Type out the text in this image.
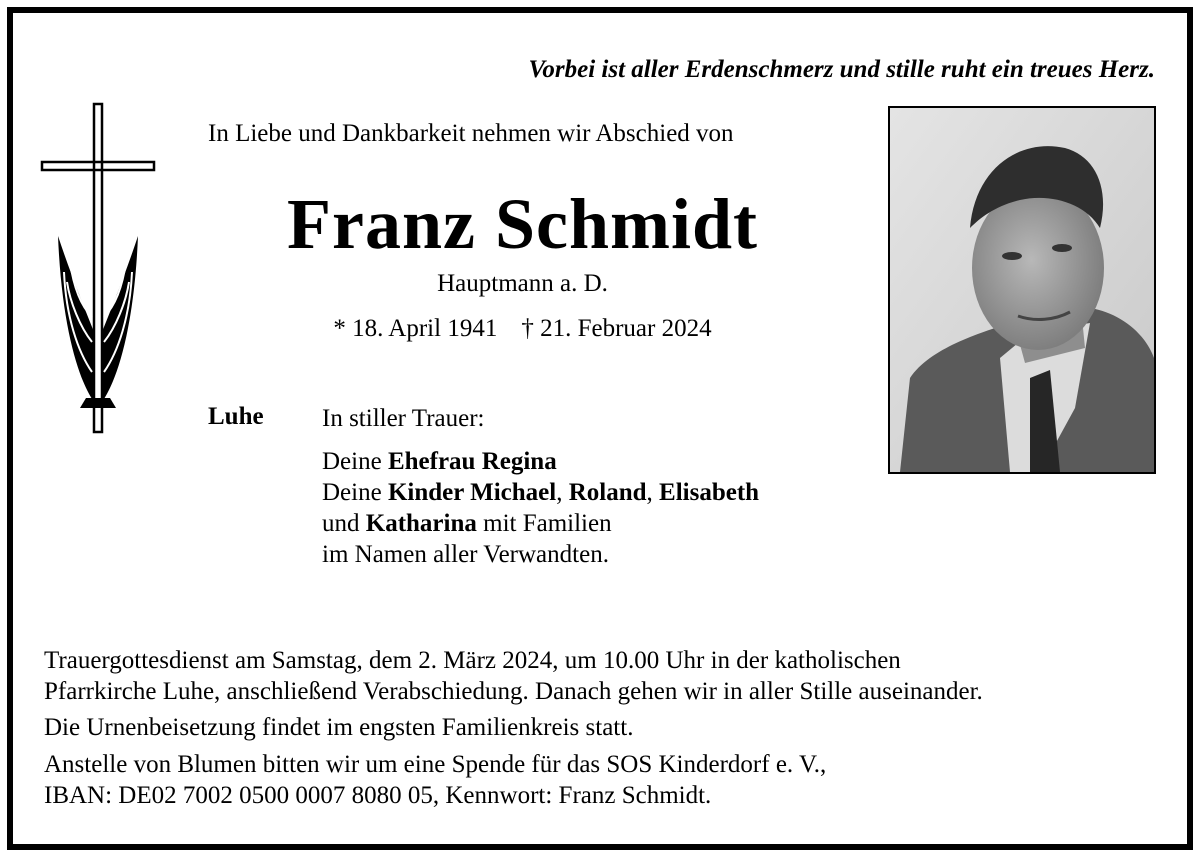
Vorbei ist aller Erdenschmerz und stille ruht ein treues Herz.
In Liebe und Dankbarkeit nehmen wir Abschied von
Franz Schmidt
Hauptmann a. D.
* 18. April 1941 † 21. Februar 2024
Luhe In stiller Trauer:
Deine Ehefrau Regina
Deine Kinder Michael, Roland, Elisabeth
und Katharina mit Familien
im Namen aller Verwandten.
Trauergottesdienst am Samstag, dem 2. März 2024, um 10.00 Uhr in der katholischen
Pfarrkirche Luhe, anschließend Verabschiedung. Danach gehen wir in aller Stille auseinander.
Die Urnenbeisetzung findet im engsten Familienkreis statt.
Anstelle von Blumen bitten wir um eine Spende für das SOS Kinderdorf e. V.,
IBAN: DE02 7002 0500 0007 8080 05, Kennwort: Franz Schmidt.
